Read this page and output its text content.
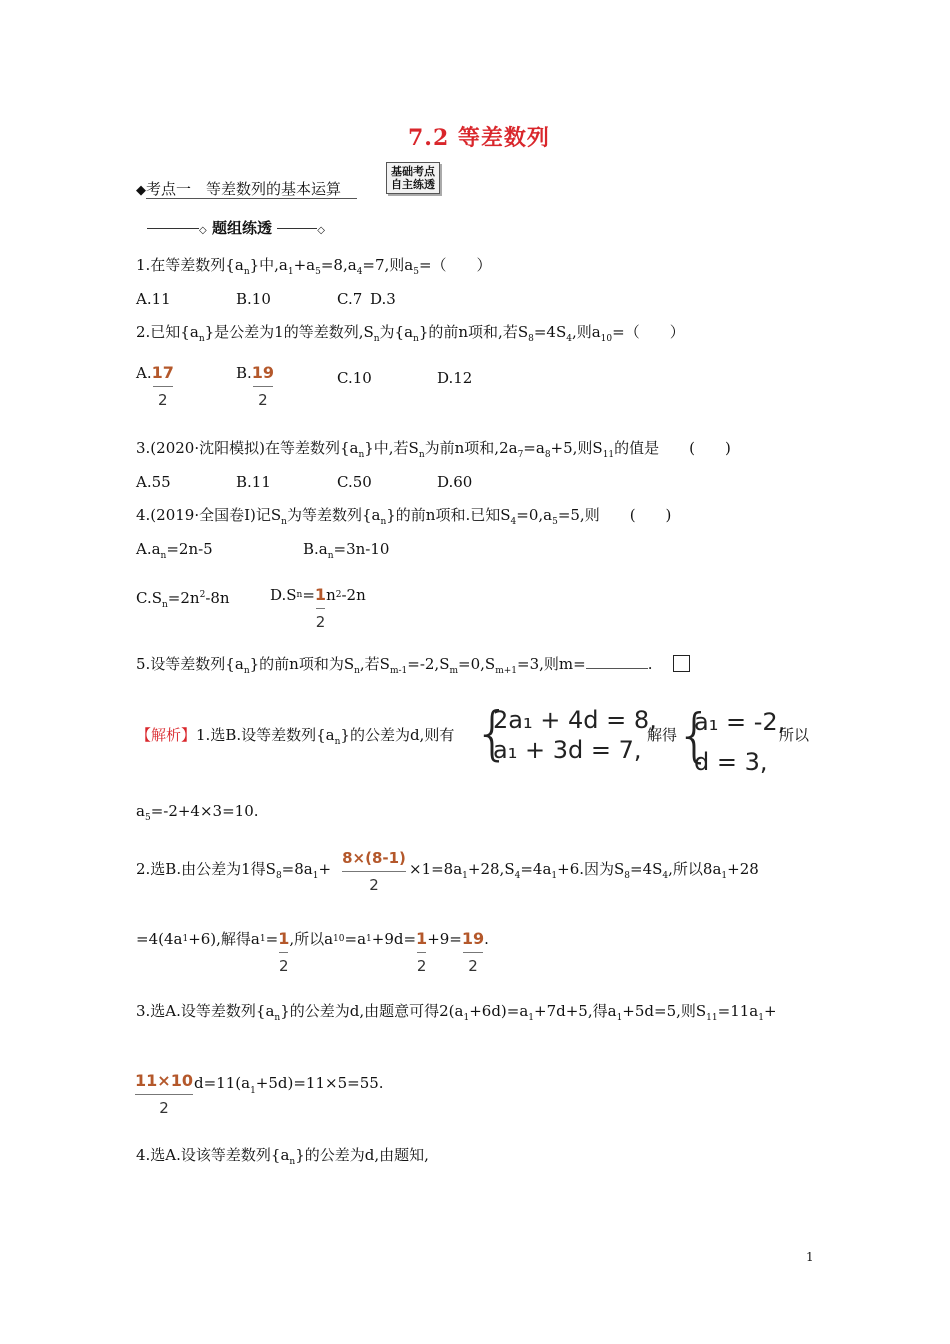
7.2 等差数列
◆考点一　等差数列的基本运算
基础考点
自主练透
◇ 题组练透	◇
1.在等差数列$\{a_n\}$中$,a_1+a_5=8,a_4=7$,则$a_5=$（　　）
A.11	B.10	C.7 D.3
2.已知$\{a_n\}$是公差为1的等差数列$,S_n$为$\{a_n\}$的前n项和,若$S_8=4S_4$,则$a_{10}=$（　　）
A. $\frac{17}{2}$	B. $\frac{19}{2}$	C.10	D.12
3.(2020·沈阳模拟)在等差数列$\{a_n\}$中,若$S_n$为前n项和$,2a_7=a_8+5$,则$S_{11}$的值是　　(　　)
A.55	B.11	C.50	D.60
4.(2019·全国卷Ⅰ)记$S_n$为等差数列$\{a_n\}$的前n项和.已知$S_4=0,a_5=5$,则　　(　　)
$A.a_n=2n-5$	$B.a_n=3n-10$
$C.S_n=2n^2-8n$	$D.S_n= \frac{1}{2} n^2-2n$
5.设等差数列$\{a_n\}$的前n项和为$S_n$,若$S_{m-1}=-2,S_m=0,S_{m+1}=3$,则m=	.
【解析】1.选B.设等差数列$\{a_n\}$的公差为d,则有 {
2a₁ + 4d = 8,
a₁ + 3d = 7,
解得
{
a₁ = -2,
d = 3,
所以
$a_5=-2+4\times 3=10$.
2.选B.由公差为1得$S_8=8a_1+ \frac{8\times(8-1)}{2} \times 1=8a_1+28,S_4=4a_1+6$.因为$S_8=4S_4$,所以$8a_1+28$
$=4(4a_1+6)$,解得$a_1= \frac{1}{2}$ ,所以$a_{10}=a_1+9d= \frac{1}{2} +9= \frac{19}{2}$ .
3.选A.设等差数列$\{a_n\}$的公差为d,由题意可得$2(a_1+6d)=a_1+7d+5$,得$a_1+5d=5$,则$S_{11}=11a_1+$
$\frac{11\times 10}{2} d=11(a_1+5d)=11\times 5=55$.
4.选A.设该等差数列$\{a_n\}$的公差为d,由题知,
1
